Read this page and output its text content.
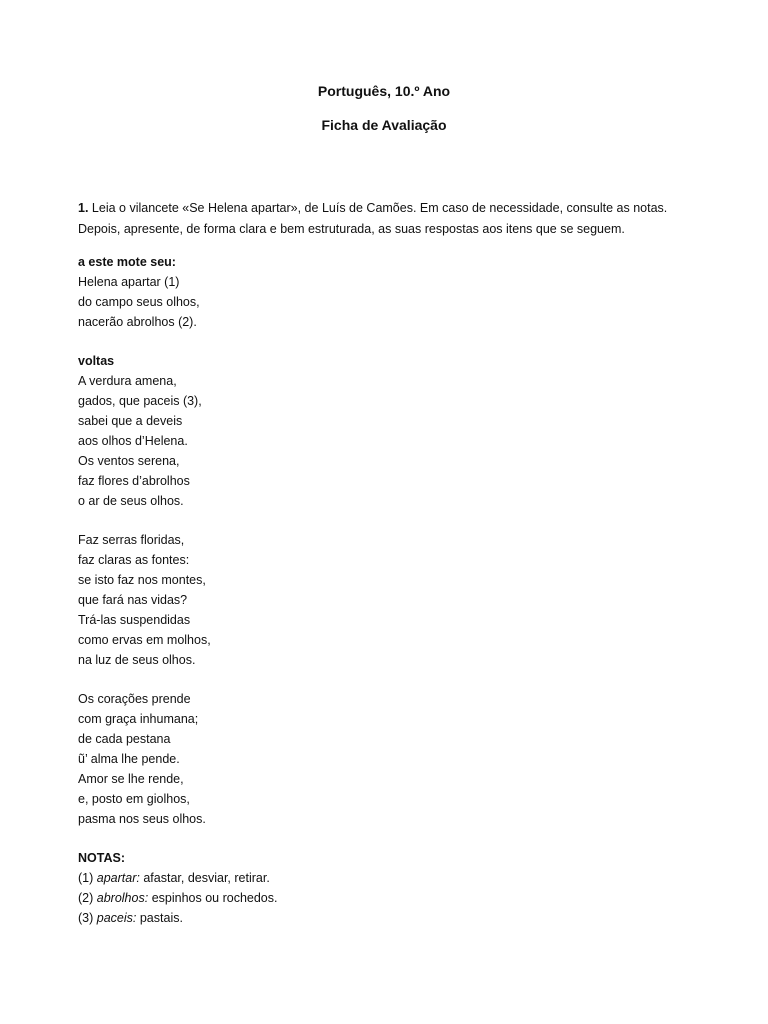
Português, 10.º Ano
Ficha de Avaliação
1. Leia o vilancete «Se Helena apartar», de Luís de Camões. Em caso de necessidade, consulte as notas.
Depois, apresente, de forma clara e bem estruturada, as suas respostas aos itens que se seguem.
a este mote seu:
Helena apartar (1)
do campo seus olhos,
nacerão abrolhos (2).
voltas
A verdura amena,
gados, que paceis (3),
sabei que a deveis
aos olhos d’Helena.
Os ventos serena,
faz flores d’abrolhos
o ar de seus olhos.
Faz serras floridas,
faz claras as fontes:
se isto faz nos montes,
que fará nas vidas?
Trá-las suspendidas
como ervas em molhos,
na luz de seus olhos.
Os corações prende
com graça inhumana;
de cada pestana
ũ’ alma lhe pende.
Amor se lhe rende,
e, posto em giolhos,
pasma nos seus olhos.
NOTAS:
(1) apartar: afastar, desviar, retirar.
(2) abrolhos: espinhos ou rochedos.
(3) paceis: pastais.
